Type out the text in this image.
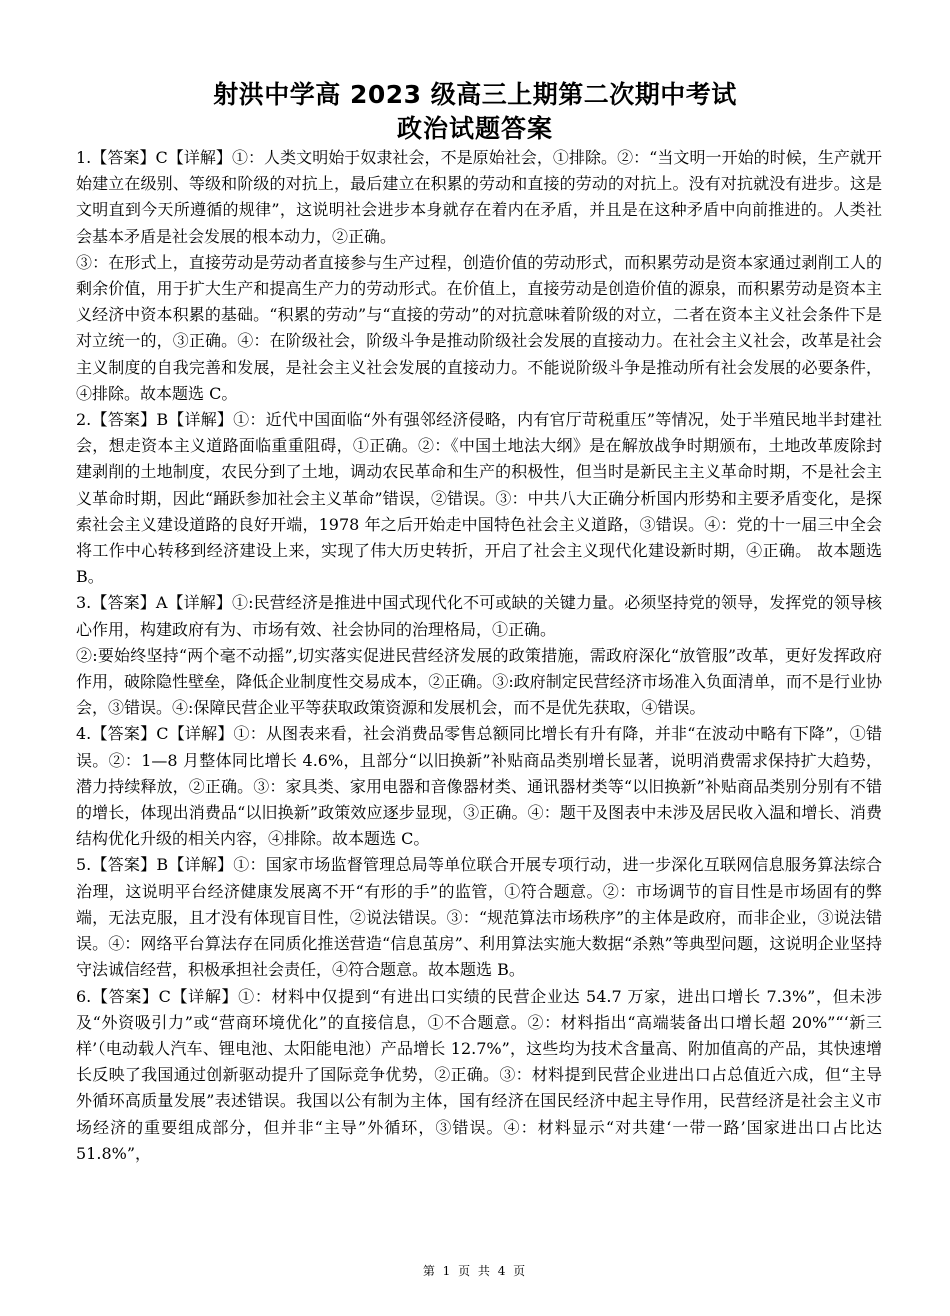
射洪中学高 2023 级高三上期第二次期中考试
政治试题答案

1.【答案】C【详解】①：人类文明始于奴隶社会，不是原始社会，①排除。②：“当文明一开始的时候，生产就开始建立在级别、等级和阶级的对抗上，最后建立在积累的劳动和直接的劳动的对抗上。没有对抗就没有进步。这是文明直到今天所遵循的规律”，这说明社会进步本身就存在着内在矛盾，并且是在这种矛盾中向前推进的。人类社会基本矛盾是社会发展的根本动力，②正确。

③：在形式上，直接劳动是劳动者直接参与生产过程，创造价值的劳动形式，而积累劳动是资本家通过剥削工人的剩余价值，用于扩大生产和提高生产力的劳动形式。在价值上，直接劳动是创造价值的源泉，而积累劳动是资本主义经济中资本积累的基础。“积累的劳动”与“直接的劳动”的对抗意味着阶级的对立，二者在资本主义社会条件下是对立统一的，③正确。④：在阶级社会，阶级斗争是推动阶级社会发展的直接动力。在社会主义社会，改革是社会主义制度的自我完善和发展，是社会主义社会发展的直接动力。不能说阶级斗争是推动所有社会发展的必要条件，④排除。故本题选 C。

2.【答案】B【详解】①：近代中国面临“外有强邻经济侵略，内有官厅苛税重压”等情况，处于半殖民地半封建社会，想走资本主义道路面临重重阻碍，①正确。②：《中国土地法大纲》是在解放战争时期颁布，土地改革废除封建剥削的土地制度，农民分到了土地，调动农民革命和生产的积极性，但当时是新民主主义革命时期，不是社会主义革命时期，因此“踊跃参加社会主义革命”错误，②错误。③：中共八大正确分析国内形势和主要矛盾变化，是探索社会主义建设道路的良好开端，1978 年之后开始走中国特色社会主义道路，③错误。④：党的十一届三中全会将工作中心转移到经济建设上来，实现了伟大历史转折，开启了社会主义现代化建设新时期，④正确。 故本题选 B。

3.【答案】A【详解】①:民营经济是推进中国式现代化不可或缺的关键力量。必须坚持党的领导，发挥党的领导核心作用，构建政府有为、市场有效、社会协同的治理格局，①正确。

②:要始终坚持“两个毫不动摇”,切实落实促进民营经济发展的政策措施，需政府深化“放管服”改革，更好发挥政府作用，破除隐性壁垒，降低企业制度性交易成本，②正确。③:政府制定民营经济市场准入负面清单，而不是行业协会，③错误。④:保障民营企业平等获取政策资源和发展机会，而不是优先获取，④错误。

4.【答案】C【详解】①：从图表来看，社会消费品零售总额同比增长有升有降，并非“在波动中略有下降”，①错误。②：1—8 月整体同比增长 4.6%，且部分“以旧换新”补贴商品类别增长显著，说明消费需求保持扩大趋势，潜力持续释放，②正确。③：家具类、家用电器和音像器材类、通讯器材类等“以旧换新”补贴商品类别分别有不错的增长，体现出消费品“以旧换新”政策效应逐步显现，③正确。④：题干及图表中未涉及居民收入温和增长、消费结构优化升级的相关内容，④排除。故本题选 C。

5.【答案】B【详解】①：国家市场监督管理总局等单位联合开展专项行动，进一步深化互联网信息服务算法综合治理，这说明平台经济健康发展离不开“有形的手”的监管，①符合题意。②：市场调节的盲目性是市场固有的弊端，无法克服，且才没有体现盲目性，②说法错误。③：“规范算法市场秩序”的主体是政府，而非企业，③说法错误。④：网络平台算法存在同质化推送营造“信息茧房”、利用算法实施大数据“杀熟”等典型问题，这说明企业坚持守法诚信经营，积极承担社会责任，④符合题意。故本题选 B。

6.【答案】C【详解】①：材料中仅提到“有进出口实绩的民营企业达 54.7 万家，进出口增长 7.3%”，但未涉及“外资吸引力”或“营商环境优化”的直接信息，①不合题意。②：材料指出“高端装备出口增长超 20%”“‘新三样’（电动载人汽车、锂电池、太阳能电池）产品增长 12.7%”，这些均为技术含量高、附加值高的产品，其快速增长反映了我国通过创新驱动提升了国际竞争优势，②正确。③：材料提到民营企业进出口占总值近六成，但“主导外循环高质量发展”表述错误。我国以公有制为主体，国有经济在国民经济中起主导作用，民营经济是社会主义市场经济的重要组成部分，但并非“主导”外循环，③错误。④：材料显示“对共建‘一带一路’国家进出口占比达 51.8%”，

第 1 页 共 4 页
